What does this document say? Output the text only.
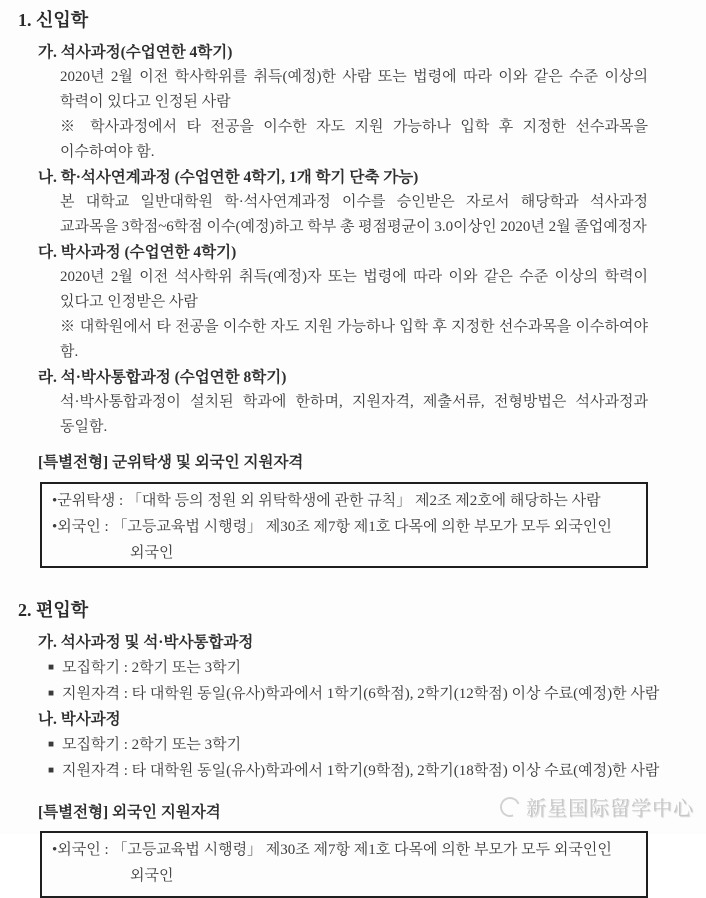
1. 신입학
가. 석사과정(수업연한 4학기)

2020년 2월 이전 학사학위를 취득(예정)한 사람 또는 법령에 따라 이와 같은 수준 이상의 학력이 있다고 인정된 사람

※ 학사과정에서 타 전공을 이수한 자도 지원 가능하나 입학 후 지정한 선수과목을 이수하여야 함.

나. 학·석사연계과정 (수업연한 4학기, 1개 학기 단축 가능)

본 대학교 일반대학원 학·석사연계과정 이수를 승인받은 자로서 해당학과 석사과정 교과목을 3학점~6학점 이수(예정)하고 학부 총 평점평균이 3.0이상인 2020년 2월 졸업예정자

다. 박사과정 (수업연한 4학기)

2020년 2월 이전 석사학위 취득(예정)자 또는 법령에 따라 이와 같은 수준 이상의 학력이 있다고 인정받은 사람

※ 대학원에서 타 전공을 이수한 자도 지원 가능하나 입학 후 지정한 선수과목을 이수하여야 함.

라. 석·박사통합과정 (수업연한 8학기)

석·박사통합과정이 설치된 학과에 한하며, 지원자격, 제출서류, 전형방법은 석사과정과 동일함.

[특별전형] 군위탁생 및 외국인 지원자격

•군위탁생 : 「대학 등의 정원 외 위탁학생에 관한 규칙」 제2조 제2호에 해당하는 사람

•외국인 : 「고등교육법 시행령」 제30조 제7항 제1호 다목에 의한 부모가 모두 외국인인

외국인

2. 편입학
가. 석사과정 및 석·박사통합과정

■ 모집학기 : 2학기 또는 3학기

■ 지원자격 : 타 대학원 동일(유사)학과에서 1학기(6학점), 2학기(12학점) 이상 수료(예정)한 사람

나. 박사과정

■ 모집학기 : 2학기 또는 3학기

■ 지원자격 : 타 대학원 동일(유사)학과에서 1학기(9학점), 2학기(18학점) 이상 수료(예정)한 사람

[특별전형] 외국인 지원자격

•외국인 : 「고등교육법 시행령」 제30조 제7항 제1호 다목에 의한 부모가 모두 외국인인

외국인

新星国际留学中心
